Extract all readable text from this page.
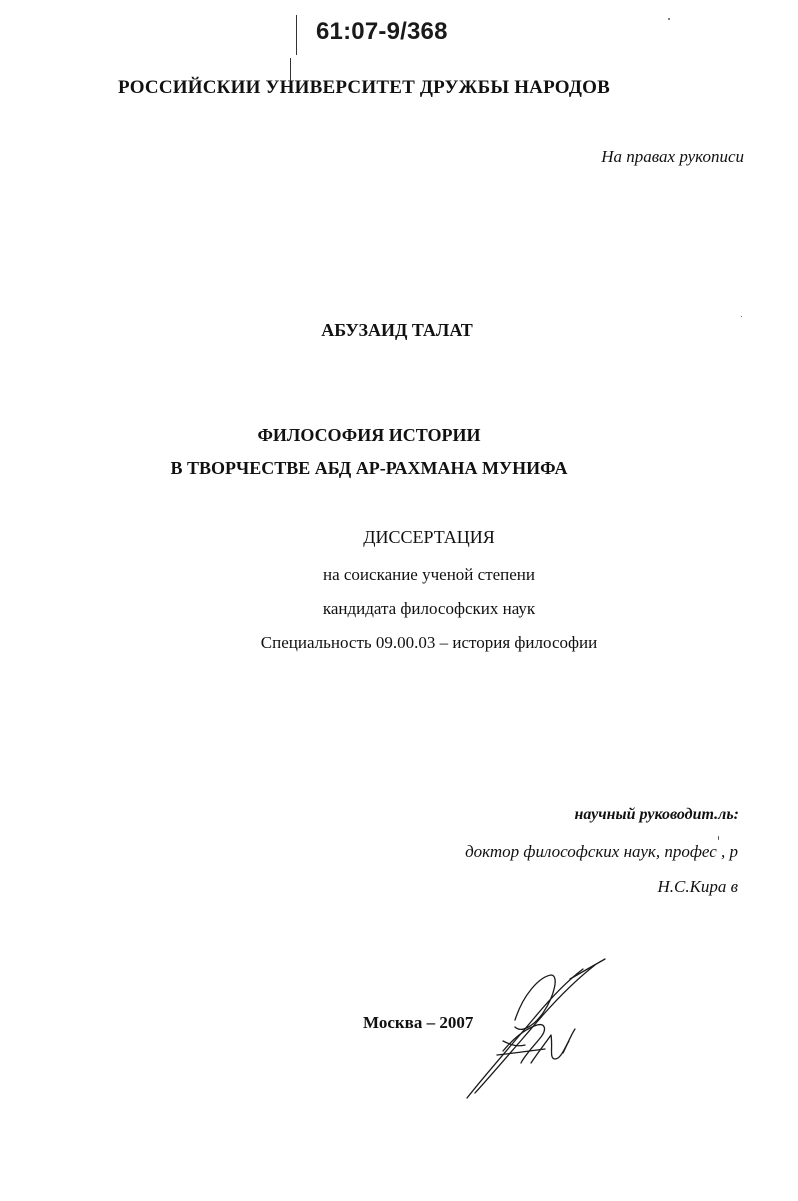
61:07-9/368
РОССИЙСКИИ УНИВЕРСИТЕТ ДРУЖБЫ НАРОДОВ
На правах рукописи
АБУЗАИД ТАЛАТ
ФИЛОСОФИЯ ИСТОРИИ
В ТВОРЧЕСТВЕ АБД АР-РАХМАНА МУНИФА
ДИССЕРТАЦИЯ
на соискание ученой степени
кандидата философских наук
Специальность 09.00.03 – история философии
научный руководит.ль:
доктор философских наук, профес , р
Н.С.Кира в
Москва – 2007
